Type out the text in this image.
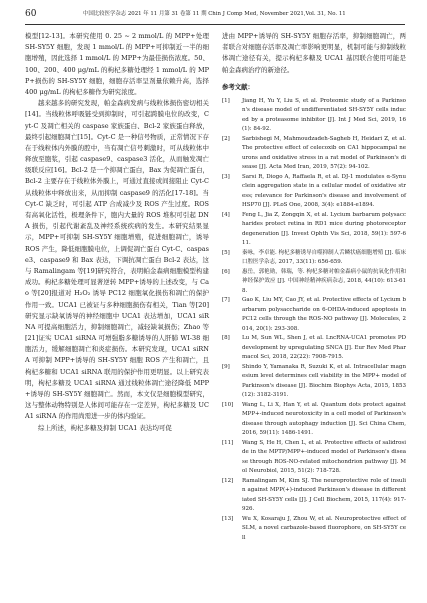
60	中国比较医学杂志 2021 年 11 月第 31 卷第 11 期 Chin J Comp Med, November 2021,Vol. 31, No. 11

模型[12-13]。本研究使用 0. 25 ~ 2 mmol/L 的 MPP+处理 SH-SY5Y 细胞，发现 1 mmol/L 的 MPP+可抑制近一半的细胞增殖，因此选择 1 mmol/L 的 MPP+为最佳损伤浓度。50、100、200、400 μg/mL 的枸杞多糖处理经 1 mmol/L 的 MPP+损伤的 SH-SY5Y 细胞，细胞存活率呈剂量依赖升高，选择 400 μg/mL 的枸杞多糖作为研究浓度。

越来越多的研究发现，帕金森病发病与线粒体损伤密切相关[14]。当线粒体呼吸链受到抑制时，可引起跨膜电位的改变，Cyt-C 及凋亡相关的 caspase 家族蛋白、Bcl-2 家族蛋白释放，最终引起细胞凋亡[15]。Cyt-C 是一种信号物质，正常情况下存在于线粒体内外膜的腔中，当有凋亡信号刺激时，可从线粒体中释放至胞浆，引起 caspase9、caspase3 活化，从而触发凋亡级联反应[16]。Bcl-2 是一个抑凋亡蛋白，Bax 为促凋亡蛋白，Bcl-2 主要存在于线粒体外膜上，可通过直接或间接阻止 Cyt-C 从线粒体中释放出来，从而抑制 caspase9 的活化[17-18]。当 Cyt-C 缺乏时，可引起 ATP 合成减少及 ROS 产生过度。ROS 有高氧化活性，极理条件下，胞内大量的 ROS 堆积可引起 DNA 损伤，引起代谢紊乱及神经系统疾病的发生。本研究结果显示，MPP+可抑制 SH-SY5Y 细胞增殖，促进细胞凋亡，诱导 ROS 产生，降低细胞膜电位，上调促凋亡蛋白 Cyt-C、caspase3、caspase9 和 Bax 表达，下调抗凋亡蛋白 Bcl-2 表达，这与 Ramalingam 等[19]研究符合，表明帕金森病细胞模型构建成功。枸杞多糖处理可显著逆转 MPP+诱导的上述改变，与 Cao 等[20]报道对 H₂O₂ 诱导 PC12 细胞氧化损伤和凋亡的保护作用一致。UCA1 已被证与多种细胞损伤有相关，Tian 等[20]研究显示缺氧诱导的神经细胞中 UCA1 表达增加，UCA1 siRNA 可提高细胞活力，抑制细胞凋亡，减轻缺氧损伤；Zhao 等[21]证实 UCA1 siRNA 可增强脂多糖诱导的人肝肺 WI-38 细胞活力，缓解细胞凋亡和炎症损伤。本研究发现，UCA1 siRNA 可抑制 MPP+诱导的 SH-SY5Y 细胞 ROS 产生和凋亡，且枸杞多糖和 UCA1 siRNA 联用的保护作用更明显。以上研究表明，枸杞多糖及 UCA1 siRNA 通过线粒体凋亡途径降低 MPP+诱导的 SH-SY5Y 细胞凋亡。然而，本文仅是细胞模型研究，这与整体动物特别是人体间可能存在一定差异，枸杞多糖及 UCA1 siRNA 的作用尚需进一步的体内验证。

综上所述，枸杞多糖及抑制 UCA1 表达均可促

进由 MPP+诱导的 SH-SY5Y 细胞存活率，抑制细胞凋亡，两者联合对细胞存活率及凋亡率影响更明显，机制可能与抑制线粒体凋亡途径有关，提示枸杞多糖及 UCA1 基因联合使用可能是帕金森病治疗的新途径。

参考文献：
[1]	Jiang H, Yu Y, Liu S, et al. Proteomic study of a Parkinson's disease model of undifferentiated SH-SY5Y cells induced by a proteasome inhibitor [J]. Int J Med Sci, 2019, 16(1): 84-92.
[2]	Sarbishegi M, Mahmoudzadeh-Sagheb H, Heidari Z, et al. The protective effect of celecoxib on CA1 hippocampal neurons and oxidative stress in a rat model of Parkinson's disease [J]. Acta Med Iran, 2019, 57(2): 94-102.
[3]	Sarsi R, Diogo A, Raffaela R, et al. DJ-1 modulates α-Synuclein aggregation state in a cellular model of oxidative stress; relevance for Parkinson's disease and involvement of HSP70 [J]. PLoS One, 2008, 3(4): e1884-e1894.
[4]	Feng L, Jia Z, Zongqin X, et al. Lycium barbarum polysaccharides protect retina in RD1 mice during photoreceptor degeneration [J]. Invest Ophth Vis Sci, 2018, 59(1): 597-611.
[5]	秦咏，李卓能. 枸杞多糖诱导自噬抑制人舌鳞状癌细胞增殖 [J]. 临床口腔医学杂志, 2017, 33(11): 656-659.
[6]	惠岳，郭艳勋，韩瑞，等. 枸杞多糖对帕金森病小鼠的抗氧化作用和神经保护效应 [J]. 中国神经精神疾病杂志, 2018, 44(10): 613-618.
[7]	Gao K, Liu MY, Cao JY, et al. Protective effects of Lycium barbarum polysaccharide on 6-OHDA-induced apoptosis in PC12 cells through the ROS-NO pathway [J]. Molecules, 2014, 20(1): 293-308.
[8]	Lu M, Sun WL, Shen J, et al. LncRNA-UCA1 promotes PD development by upregulating SNCA [J]. Eur Rev Med Pharmacol Sci, 2018, 22(22): 7908-7915.
[9]	Shindo Y, Yamanaka R, Suzuki K, et al. Intracellular magnesium level determines cell viability in the MPP+ model of Parkinson's disease [J]. Biochim Biophys Acta, 2015, 1853(12): 3182-3191.
[10]	Wang L, Li X, Han Y, et al. Quantum dots protect against MPP+-induced neurotoxicity in a cell model of Parkinson's disease through autophagy induction [J]. Sci China Chem, 2016, 59(11): 1486-1491.
[11]	Wang S, He H, Chen L, et al. Protective effects of salidroside in the MPTP/MPP+-induced model of Parkinson's disease through ROS-NO-related mitochondrion pathway [J]. Mol Neurobiol, 2015, 51(2): 718-728.
[12]	Ramalingam M, Kim SJ. The neuroprotective role of insulin against MPP(+)-induced Parkinson's disease in differentiated SH-SY5Y cells [J]. J Cell Biochem, 2015, 117(4): 917-926.
[13]	Wu X, Kosaraju J, Zhou W, et al. Neuroprotective effect of SLM, a novel carbazole-based fluorophore, on SH-SY5Y cell
